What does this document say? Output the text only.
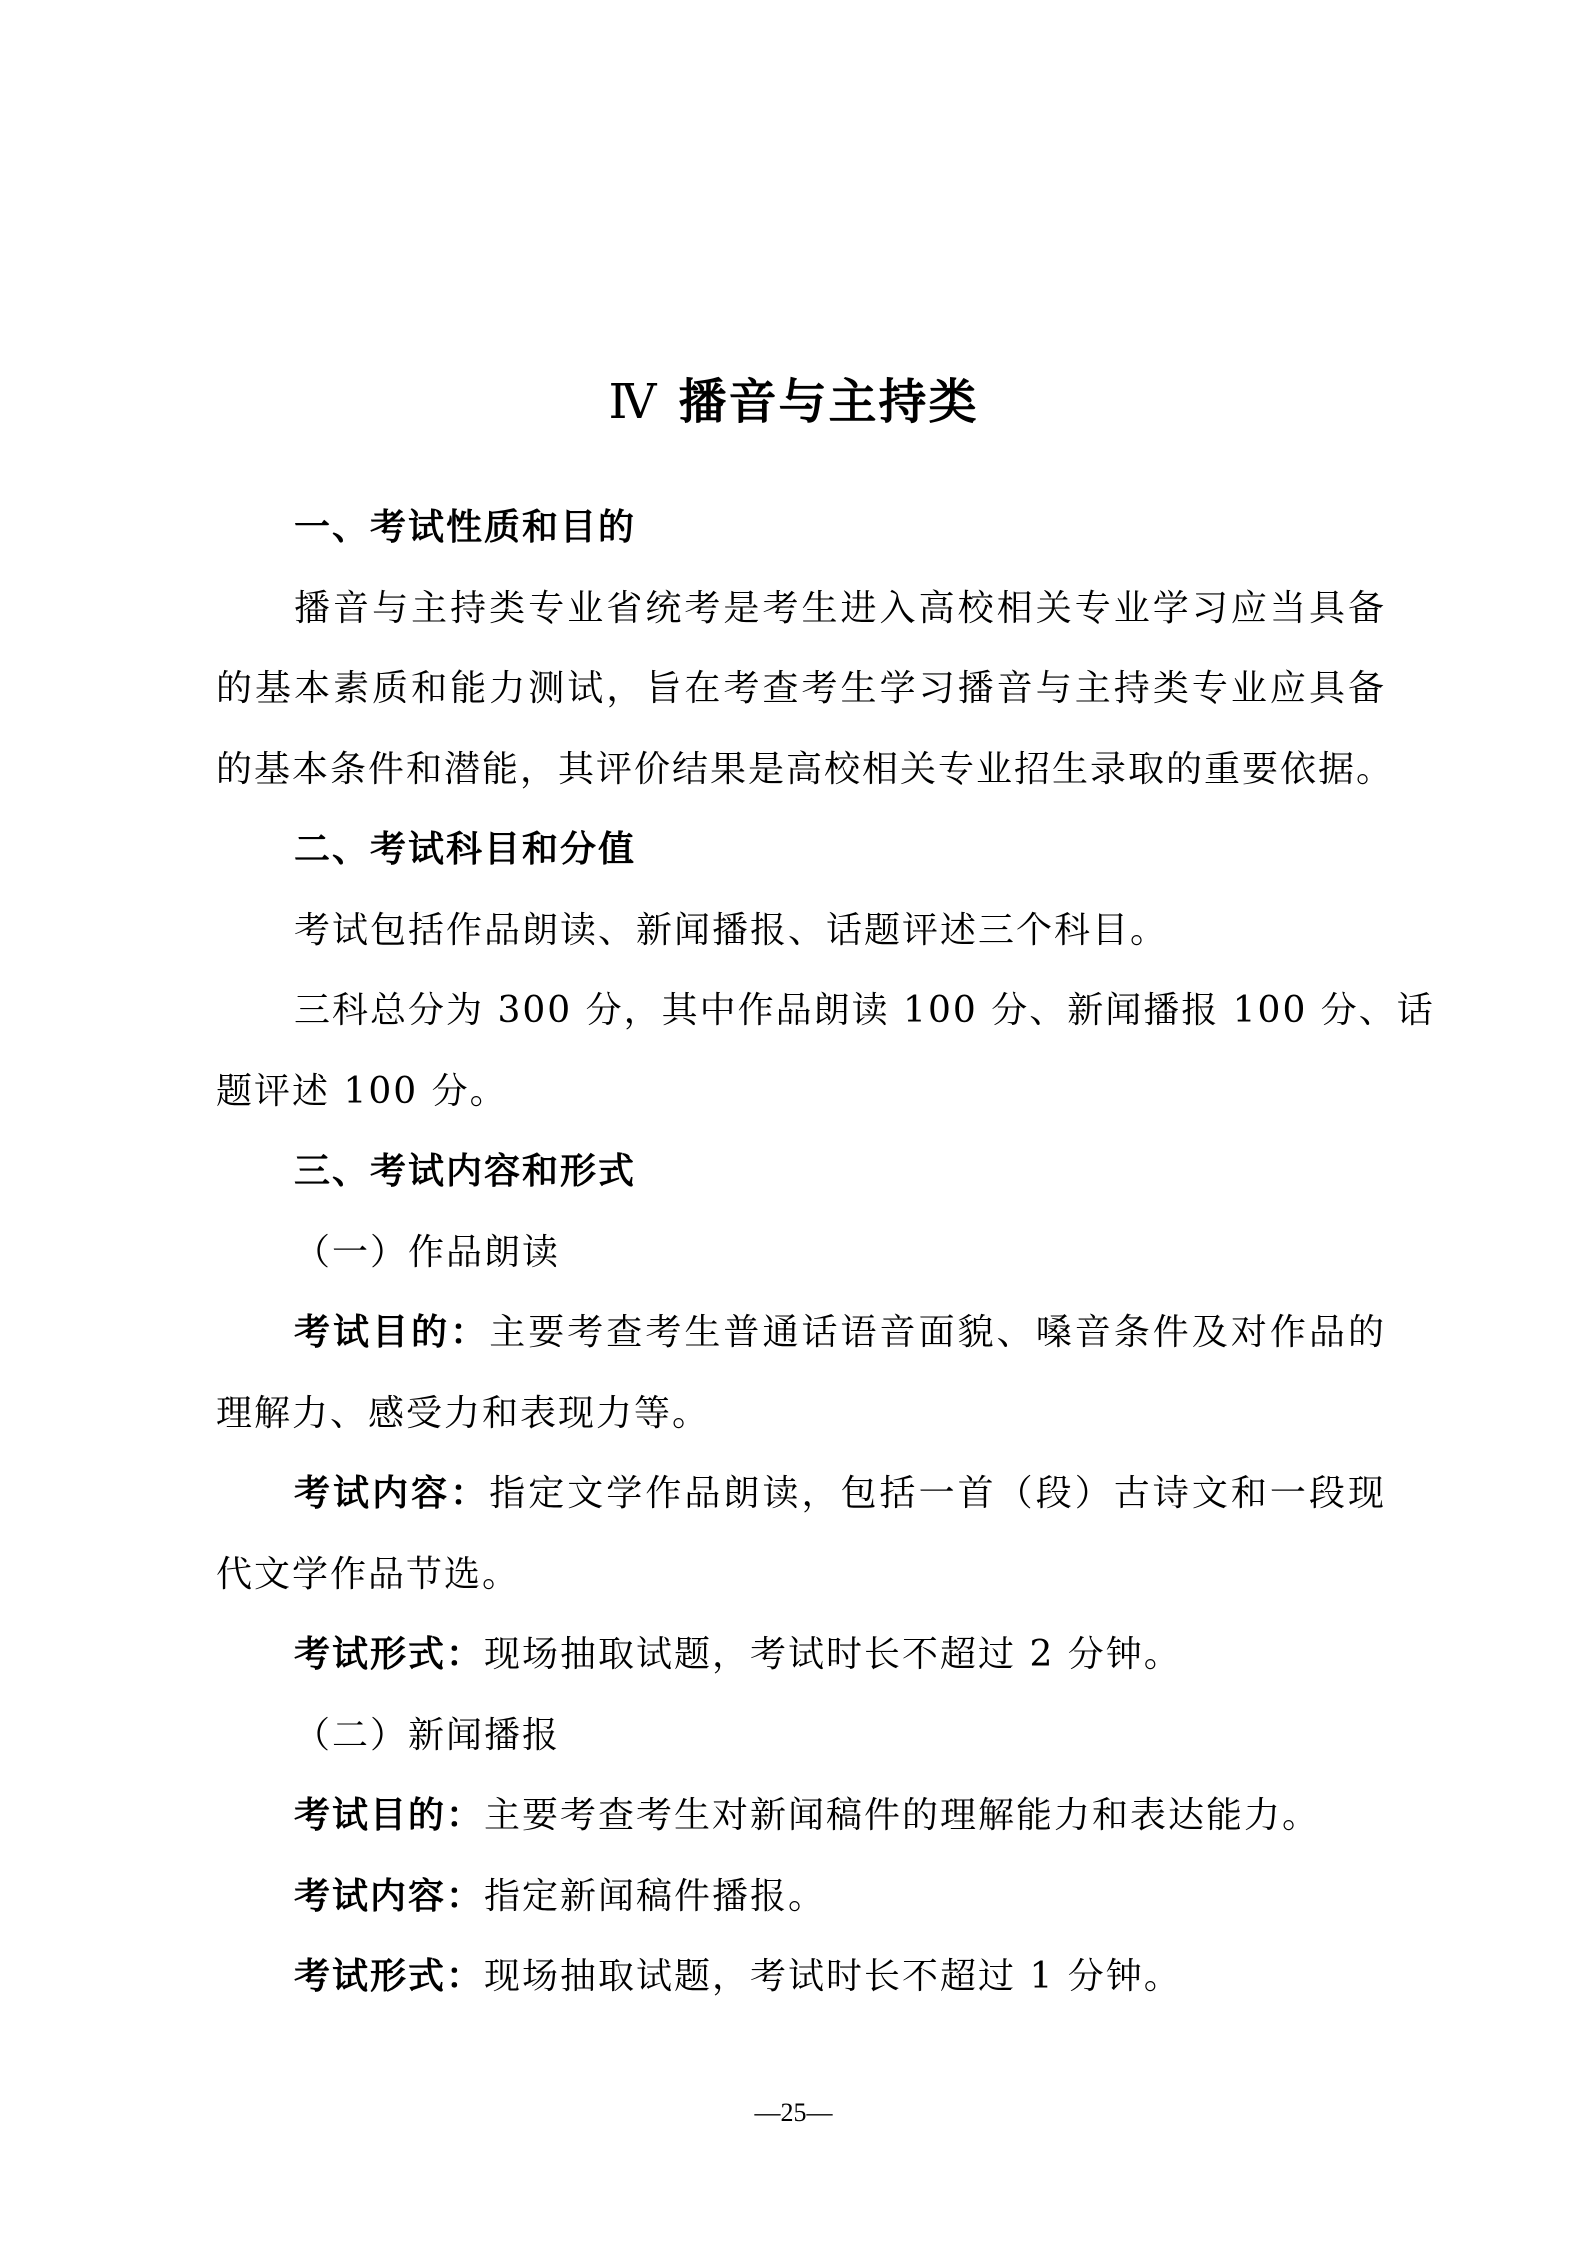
Ⅳ 播音与主持类
一、考试性质和目的
播音与主持类专业省统考是考生进入高校相关专业学习应当具备
的基本素质和能力测试，旨在考查考生学习播音与主持类专业应具备
的基本条件和潜能，其评价结果是高校相关专业招生录取的重要依据。
二、考试科目和分值
考试包括作品朗读、新闻播报、话题评述三个科目。
三科总分为 300 分，其中作品朗读 100 分、新闻播报 100 分、话
题评述 100 分。
三、考试内容和形式
（一）作品朗读
考试目的：主要考查考生普通话语音面貌、嗓音条件及对作品的
理解力、感受力和表现力等。
考试内容：指定文学作品朗读，包括一首（段）古诗文和一段现
代文学作品节选。
考试形式：现场抽取试题，考试时长不超过 2 分钟。
（二）新闻播报
考试目的：主要考查考生对新闻稿件的理解能力和表达能力。
考试内容：指定新闻稿件播报。
考试形式：现场抽取试题，考试时长不超过 1 分钟。
—25—
